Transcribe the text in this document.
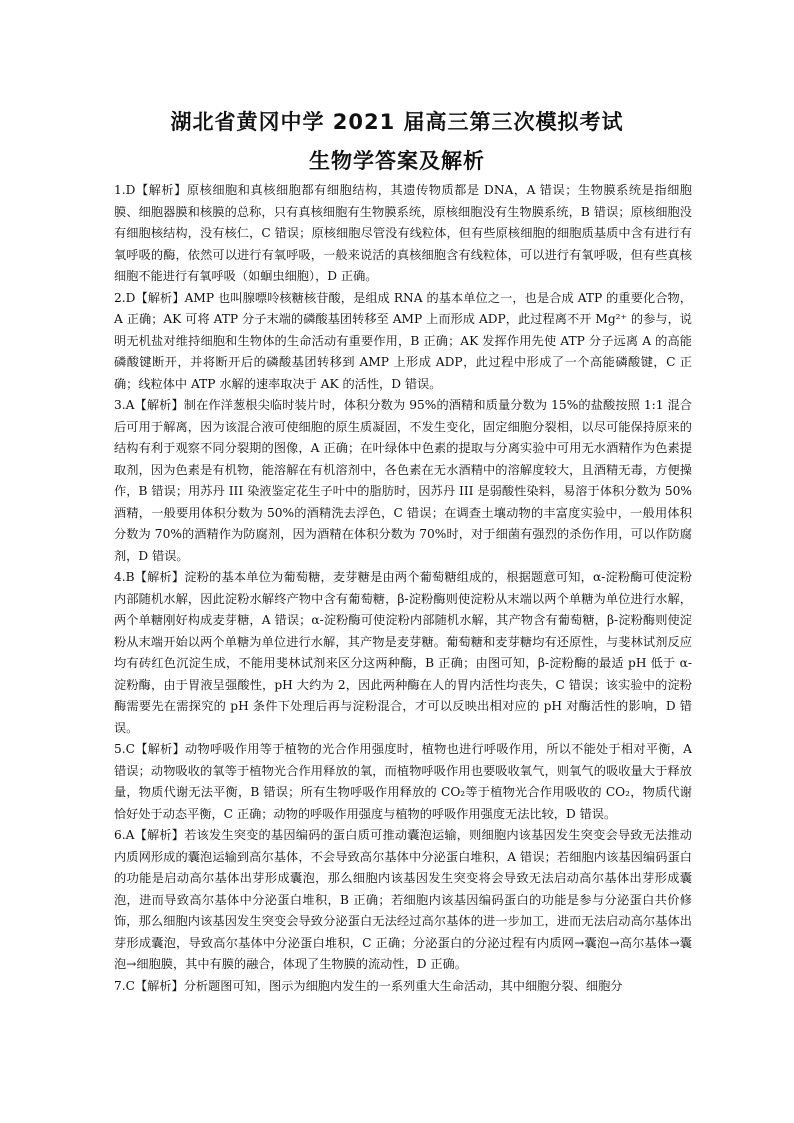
湖北省黄冈中学 2021 届高三第三次模拟考试
生物学答案及解析

1.D【解析】原核细胞和真核细胞都有细胞结构，其遗传物质都是 DNA，A 错误；生物膜系统是指细胞膜、细胞器膜和核膜的总称，只有真核细胞有生物膜系统，原核细胞没有生物膜系统，B 错误；原核细胞没有细胞核结构，没有核仁，C 错误；原核细胞尽管没有线粒体，但有些原核细胞的细胞质基质中含有进行有氧呼吸的酶，依然可以进行有氧呼吸，一般来说活的真核细胞含有线粒体，可以进行有氧呼吸，但有些真核细胞不能进行有氧呼吸（如蛔虫细胞），D 正确。

2.D【解析】AMP 也叫腺嘌呤核糖核苷酸，是组成 RNA 的基本单位之一，也是合成 ATP 的重要化合物，A 正确；AK 可将 ATP 分子末端的磷酸基团转移至 AMP 上而形成 ADP，此过程离不开 Mg²⁺ 的参与，说明无机盐对维持细胞和生物体的生命活动有重要作用，B 正确；AK 发挥作用先使 ATP 分子远离 A 的高能磷酸键断开，并将断开后的磷酸基团转移到 AMP 上形成 ADP，此过程中形成了一个高能磷酸键，C 正确；线粒体中 ATP 水解的速率取决于 AK 的活性，D 错误。

3.A【解析】制在作洋葱根尖临时装片时，体积分数为 95%的酒精和质量分数为 15%的盐酸按照 1:1 混合后可用于解离，因为该混合液可使细胞的原生质凝固，不发生变化，固定细胞分裂相，以尽可能保持原来的结构有利于观察不同分裂期的图像，A 正确；在叶绿体中色素的提取与分离实验中可用无水酒精作为色素提取剂，因为色素是有机物，能溶解在有机溶剂中，各色素在无水酒精中的溶解度较大，且酒精无毒，方便操作，B 错误；用苏丹 III 染液鉴定花生子叶中的脂肪时，因苏丹 III 是弱酸性染料，易溶于体积分数为 50%酒精，一般要用体积分数为 50%的酒精洗去浮色，C 错误；在调查土壤动物的丰富度实验中，一般用体积分数为 70%的酒精作为防腐剂，因为酒精在体积分数为 70%时，对于细菌有强烈的杀伤作用，可以作防腐剂，D 错误。

4.B【解析】淀粉的基本单位为葡萄糖，麦芽糖是由两个葡萄糖组成的，根据题意可知，α-淀粉酶可使淀粉内部随机水解，因此淀粉水解终产物中含有葡萄糖，β-淀粉酶则使淀粉从末端以两个单糖为单位进行水解，两个单糖刚好构成麦芽糖，A 错误；α-淀粉酶可使淀粉内部随机水解，其产物含有葡萄糖，β-淀粉酶则使淀粉从末端开始以两个单糖为单位进行水解，其产物是麦芽糖。葡萄糖和麦芽糖均有还原性，与斐林试剂反应均有砖红色沉淀生成，不能用斐林试剂来区分这两种酶，B 正确；由图可知，β-淀粉酶的最适 pH 低于 α-淀粉酶，由于胃液呈强酸性，pH 大约为 2，因此两种酶在人的胃内活性均丧失，C 错误；该实验中的淀粉酶需要先在需探究的 pH 条件下处理后再与淀粉混合，才可以反映出相对应的 pH 对酶活性的影响，D 错误。

5.C【解析】动物呼吸作用等于植物的光合作用强度时，植物也进行呼吸作用，所以不能处于相对平衡，A 错误；动物吸收的氧等于植物光合作用释放的氧，而植物呼吸作用也要吸收氧气，则氧气的吸收量大于释放量，物质代谢无法平衡，B 错误；所有生物呼吸作用释放的 CO₂等于植物光合作用吸收的 CO₂，物质代谢恰好处于动态平衡，C 正确；动物的呼吸作用强度与植物的呼吸作用强度无法比较，D 错误。

6.A【解析】若该发生突变的基因编码的蛋白质可推动囊泡运输，则细胞内该基因发生突变会导致无法推动内质网形成的囊泡运输到高尔基体，不会导致高尔基体中分泌蛋白堆积，A 错误；若细胞内该基因编码蛋白的功能是启动高尔基体出芽形成囊泡，那么细胞内该基因发生突变将会导致无法启动高尔基体出芽形成囊泡，进而导致高尔基体中分泌蛋白堆积，B 正确；若细胞内该基因编码蛋白的功能是参与分泌蛋白共价修饰，那么细胞内该基因发生突变会导致分泌蛋白无法经过高尔基体的进一步加工，进而无法启动高尔基体出芽形成囊泡，导致高尔基体中分泌蛋白堆积，C 正确；分泌蛋白的分泌过程有内质网→囊泡→高尔基体→囊泡→细胞膜，其中有膜的融合，体现了生物膜的流动性，D 正确。

7.C【解析】分析题图可知，图示为细胞内发生的一系列重大生命活动，其中细胞分裂、细胞分
